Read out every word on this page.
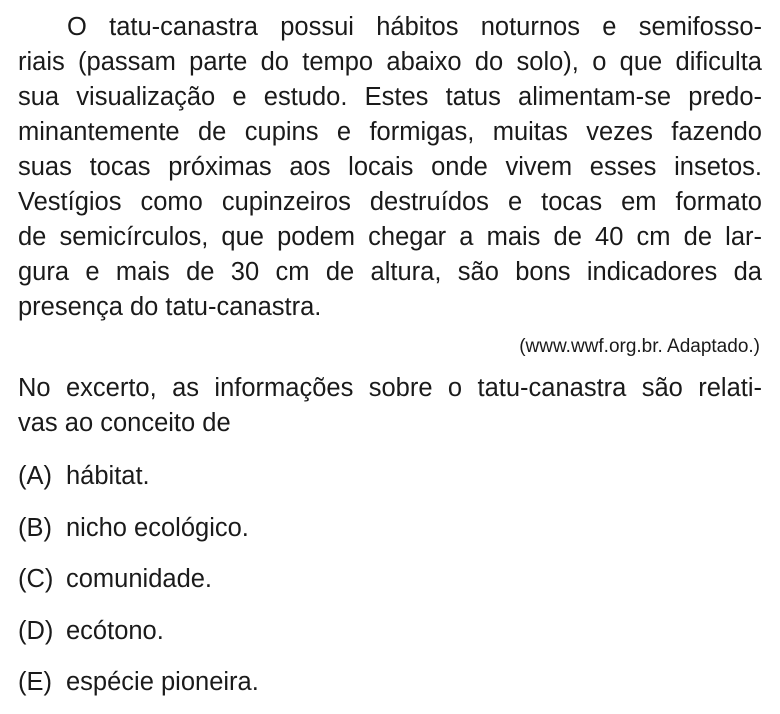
O tatu-canastra possui hábitos noturnos e semifosso-
riais (passam parte do tempo abaixo do solo), o que dificulta
sua visualização e estudo. Estes tatus alimentam-se predo-
minantemente de cupins e formigas, muitas vezes fazendo
suas tocas próximas aos locais onde vivem esses insetos.
Vestígios como cupinzeiros destruídos e tocas em formato
de semicírculos, que podem chegar a mais de 40 cm de lar-
gura e mais de 30 cm de altura, são bons indicadores da
presença do tatu-canastra.
(www.wwf.org.br. Adaptado.)
No excerto, as informações sobre o tatu-canastra são relati-
vas ao conceito de
(A) hábitat.
(B) nicho ecológico.
(C) comunidade.
(D) ecótono.
(E) espécie pioneira.
